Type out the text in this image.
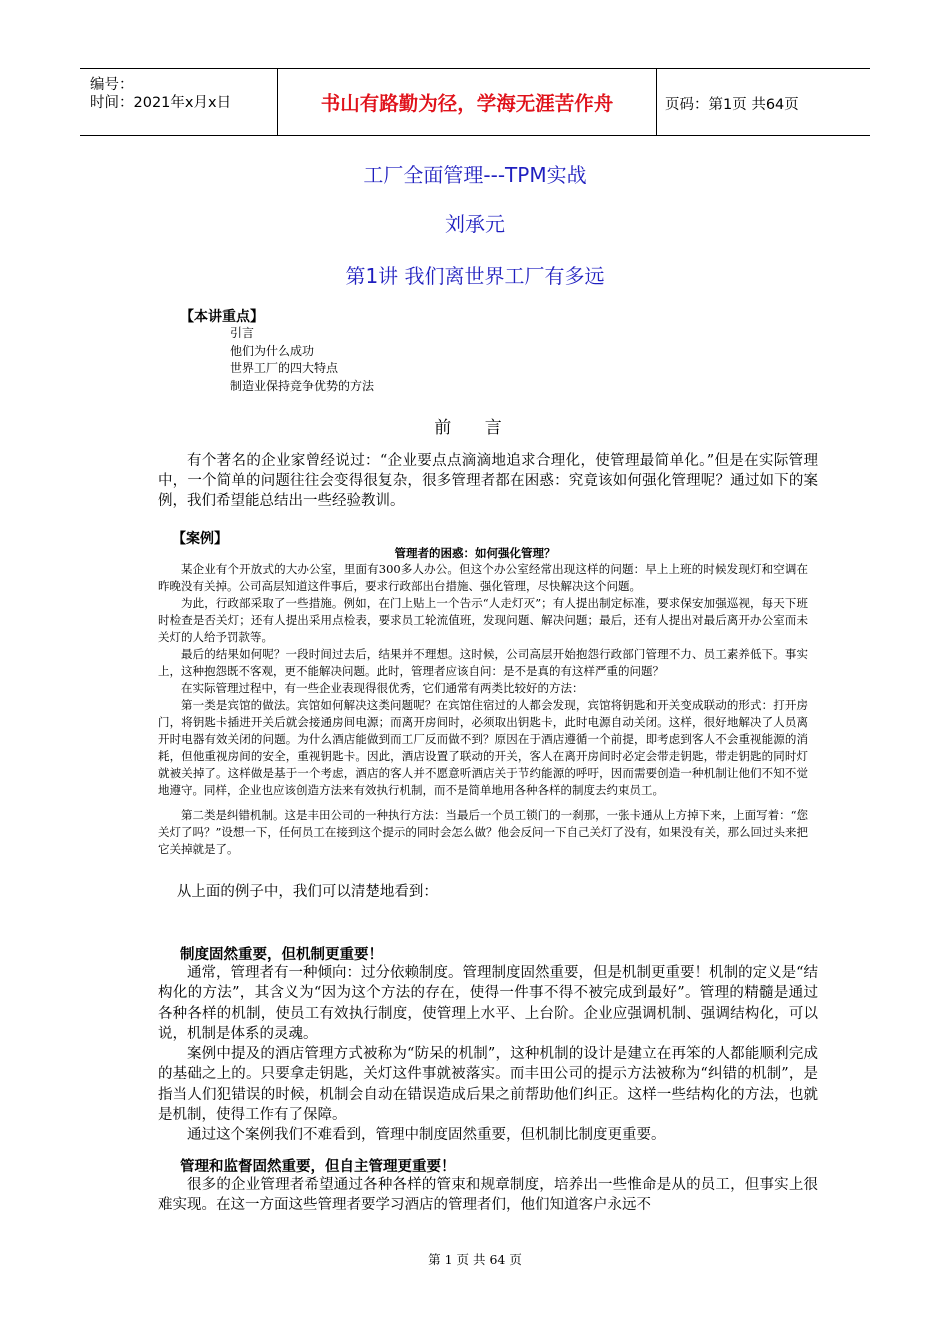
编号：
时间：2021年x月x日	书山有路勤为径，学海无涯苦作舟	页码：第1页 共64页
工厂全面管理---TPM实战
刘承元
第1讲 我们离世界工厂有多远
【本讲重点】
引言
他们为什么成功
世界工厂的四大特点
制造业保持竞争优势的方法
前 言
有个著名的企业家曾经说过：“企业要点点滴滴地追求合理化，使管理最简单化。”但是在实际管理中，一个简单的问题往往会变得很复杂，很多管理者都在困惑：究竟该如何强化管理呢？通过如下的案例，我们希望能总结出一些经验教训。
【案例】
管理者的困惑：如何强化管理？

某企业有个开放式的大办公室，里面有300多人办公。但这个办公室经常出现这样的问题：早上上班的时候发现灯和空调在昨晚没有关掉。公司高层知道这件事后，要求行政部出台措施、强化管理，尽快解决这个问题。

为此，行政部采取了一些措施。例如，在门上贴上一个告示“人走灯灭”；有人提出制定标准，要求保安加强巡视，每天下班时检查是否关灯；还有人提出采用点检表，要求员工轮流值班，发现问题、解决问题；最后，还有人提出对最后离开办公室而未关灯的人给予罚款等。

最后的结果如何呢？一段时间过去后，结果并不理想。这时候，公司高层开始抱怨行政部门管理不力、员工素养低下。事实上，这种抱怨既不客观，更不能解决问题。此时，管理者应该自问：是不是真的有这样严重的问题？

在实际管理过程中，有一些企业表现得很优秀，它们通常有两类比较好的方法：

第一类是宾馆的做法。宾馆如何解决这类问题呢？在宾馆住宿过的人都会发现，宾馆将钥匙和开关变成联动的形式：打开房门，将钥匙卡插进开关后就会接通房间电源；而离开房间时，必须取出钥匙卡，此时电源自动关闭。这样，很好地解决了人员离开时电器有效关闭的问题。为什么酒店能做到而工厂反而做不到？原因在于酒店遵循一个前提，即考虑到客人不会重视能源的消耗，但他重视房间的安全，重视钥匙卡。因此，酒店设置了联动的开关，客人在离开房间时必定会带走钥匙，带走钥匙的同时灯就被关掉了。这样做是基于一个考虑，酒店的客人并不愿意听酒店关于节约能源的呼吁，因而需要创造一种机制让他们不知不觉地遵守。同样，企业也应该创造方法来有效执行机制，而不是简单地用各种各样的制度去约束员工。

第二类是纠错机制。这是丰田公司的一种执行方法：当最后一个员工锁门的一刹那，一张卡通从上方掉下来，上面写着：“您关灯了吗？”设想一下，任何员工在接到这个提示的同时会怎么做？他会反问一下自己关灯了没有，如果没有关，那么回过头来把它关掉就是了。

从上面的例子中，我们可以清楚地看到：
制度固然重要，但机制更重要！

通常，管理者有一种倾向：过分依赖制度。管理制度固然重要，但是机制更重要！机制的定义是“结构化的方法”，其含义为“因为这个方法的存在，使得一件事不得不被完成到最好”。管理的精髓是通过各种各样的机制，使员工有效执行制度，使管理上水平、上台阶。企业应强调机制、强调结构化，可以说，机制是体系的灵魂。

案例中提及的酒店管理方式被称为“防呆的机制”，这种机制的设计是建立在再笨的人都能顺利完成的基础之上的。只要拿走钥匙，关灯这件事就被落实。而丰田公司的提示方法被称为“纠错的机制”，是指当人们犯错误的时候，机制会自动在错误造成后果之前帮助他们纠正。这样一些结构化的方法，也就是机制，使得工作有了保障。

通过这个案例我们不难看到，管理中制度固然重要，但机制比制度更重要。

管理和监督固然重要，但自主管理更重要！

很多的企业管理者希望通过各种各样的管束和规章制度，培养出一些惟命是从的员工，但事实上很难实现。在这一方面这些管理者要学习酒店的管理者们，他们知道客户永远不

第 1 页 共 64 页
